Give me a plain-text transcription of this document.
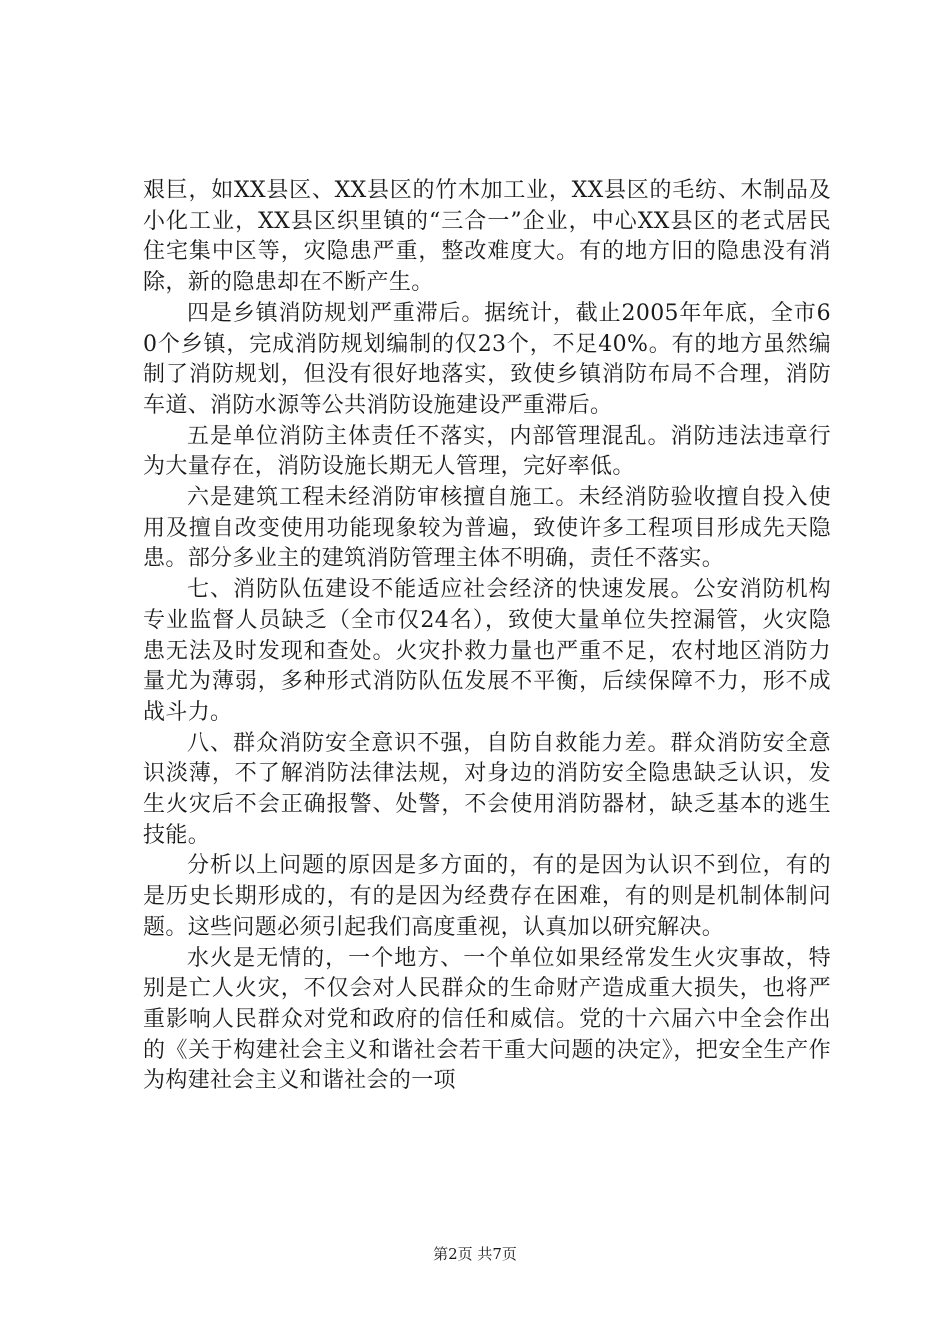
艰巨，如XX县区、XX县区的竹木加工业，XX县区的毛纺、木制品及小化工业，XX县区织里镇的“三合一”企业，中心XX县区的老式居民住宅集中区等，灾隐患严重，整改难度大。有的地方旧的隐患没有消除，新的隐患却在不断产生。

四是乡镇消防规划严重滞后。据统计，截止2005年年底，全市60个乡镇，完成消防规划编制的仅23个，不足40%。有的地方虽然编制了消防规划，但没有很好地落实，致使乡镇消防布局不合理，消防车道、消防水源等公共消防设施建设严重滞后。

五是单位消防主体责任不落实，内部管理混乱。消防违法违章行为大量存在，消防设施长期无人管理，完好率低。

六是建筑工程未经消防审核擅自施工。未经消防验收擅自投入使用及擅自改变使用功能现象较为普遍，致使许多工程项目形成先天隐患。部分多业主的建筑消防管理主体不明确，责任不落实。

七、消防队伍建设不能适应社会经济的快速发展。公安消防机构专业监督人员缺乏（全市仅24名），致使大量单位失控漏管，火灾隐患无法及时发现和查处。火灾扑救力量也严重不足，农村地区消防力量尤为薄弱，多种形式消防队伍发展不平衡，后续保障不力，形不成战斗力。

八、群众消防安全意识不强，自防自救能力差。群众消防安全意识淡薄，不了解消防法律法规，对身边的消防安全隐患缺乏认识，发生火灾后不会正确报警、处警，不会使用消防器材，缺乏基本的逃生技能。

分析以上问题的原因是多方面的，有的是因为认识不到位，有的是历史长期形成的，有的是因为经费存在困难，有的则是机制体制问题。这些问题必须引起我们高度重视，认真加以研究解决。

水火是无情的，一个地方、一个单位如果经常发生火灾事故，特别是亡人火灾，不仅会对人民群众的生命财产造成重大损失，也将严重影响人民群众对党和政府的信任和威信。党的十六届六中全会作出的《关于构建社会主义和谐社会若干重大问题的决定》，把安全生产作为构建社会主义和谐社会的一项

第2页 共7页
